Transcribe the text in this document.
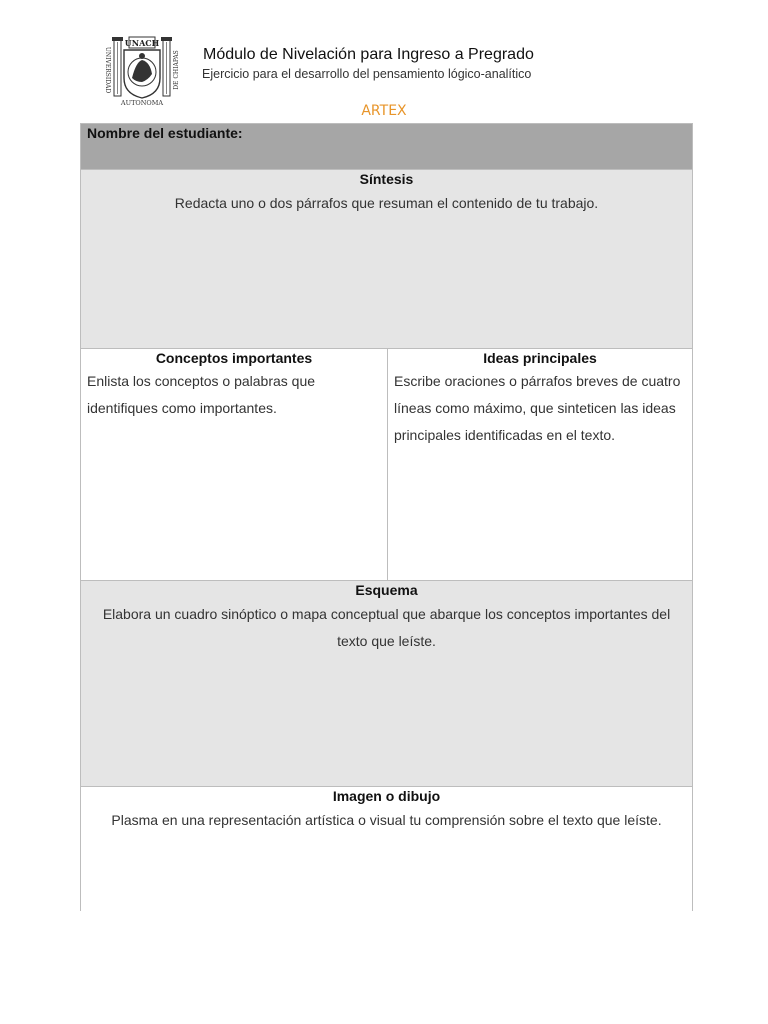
UNIVERSIDAD	DE CHIAPAS
UNACH
AUTONOMA
Módulo de Nivelación para Ingreso a Pregrado
Ejercicio para el desarrollo del pensamiento lógico-analítico
ARTEX
Nombre del estudiante:
Síntesis
Redacta uno o dos párrafos que resuman el contenido de tu trabajo.
Conceptos importantes
Enlista los conceptos o palabras que identifiques como importantes.
Ideas principales
Escribe oraciones o párrafos breves de cuatro líneas como máximo, que sinteticen las ideas principales identificadas en el texto.
Esquema
Elabora un cuadro sinóptico o mapa conceptual que abarque los conceptos importantes del texto que leíste.
Imagen o dibujo
Plasma en una representación artística o visual tu comprensión sobre el texto que leíste.
